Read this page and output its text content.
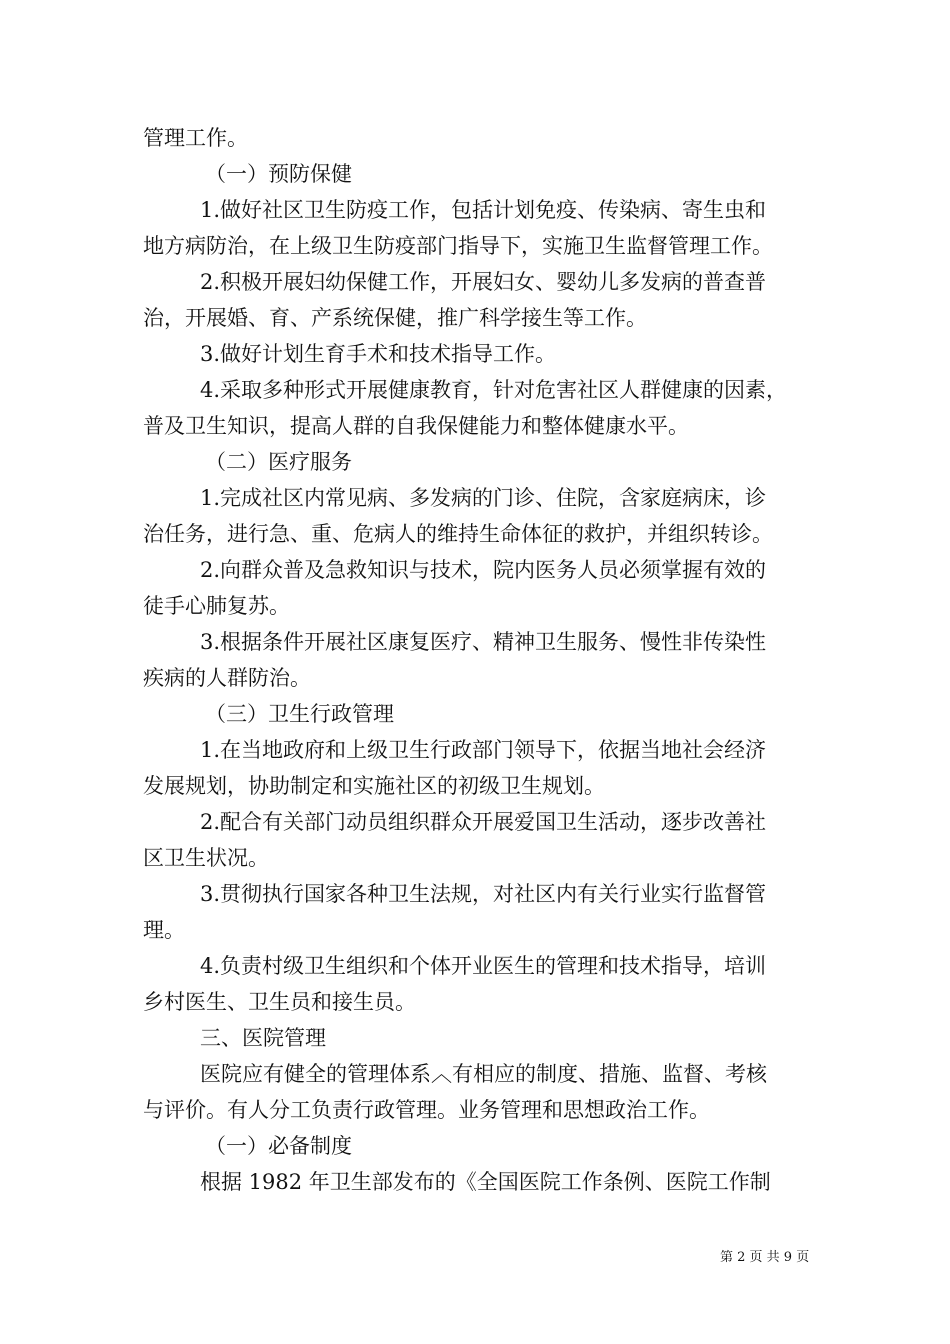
管理工作。
（一）预防保健
1.做好社区卫生防疫工作，包括计划免疫、传染病、寄生虫和
地方病防治，在上级卫生防疫部门指导下，实施卫生监督管理工作。
2.积极开展妇幼保健工作，开展妇女、婴幼儿多发病的普查普
治，开展婚、育、产系统保健，推广科学接生等工作。
3.做好计划生育手术和技术指导工作。
4.采取多种形式开展健康教育，针对危害社区人群健康的因素，
普及卫生知识，提高人群的自我保健能力和整体健康水平。
（二）医疗服务
1.完成社区内常见病、多发病的门诊、住院，含家庭病床，诊
治任务，进行急、重、危病人的维持生命体征的救护，并组织转诊。
2.向群众普及急救知识与技术，院内医务人员必须掌握有效的
徒手心肺复苏。
3.根据条件开展社区康复医疗、精神卫生服务、慢性非传染性
疾病的人群防治。
（三）卫生行政管理
1.在当地政府和上级卫生行政部门领导下，依据当地社会经济
发展规划，协助制定和实施社区的初级卫生规划。
2.配合有关部门动员组织群众开展爱国卫生活动，逐步改善社
区卫生状况。
3.贯彻执行国家各种卫生法规，对社区内有关行业实行监督管
理。
4.负责村级卫生组织和个体开业医生的管理和技术指导，培训
乡村医生、卫生员和接生员。
三、医院管理
医院应有健全的管理体系︿有相应的制度、措施、监督、考核
与评价。有人分工负责行政管理。业务管理和思想政治工作。
（一）必备制度
根据 1982 年卫生部发布的《全国医院工作条例、医院工作制
第 2 页 共 9 页
